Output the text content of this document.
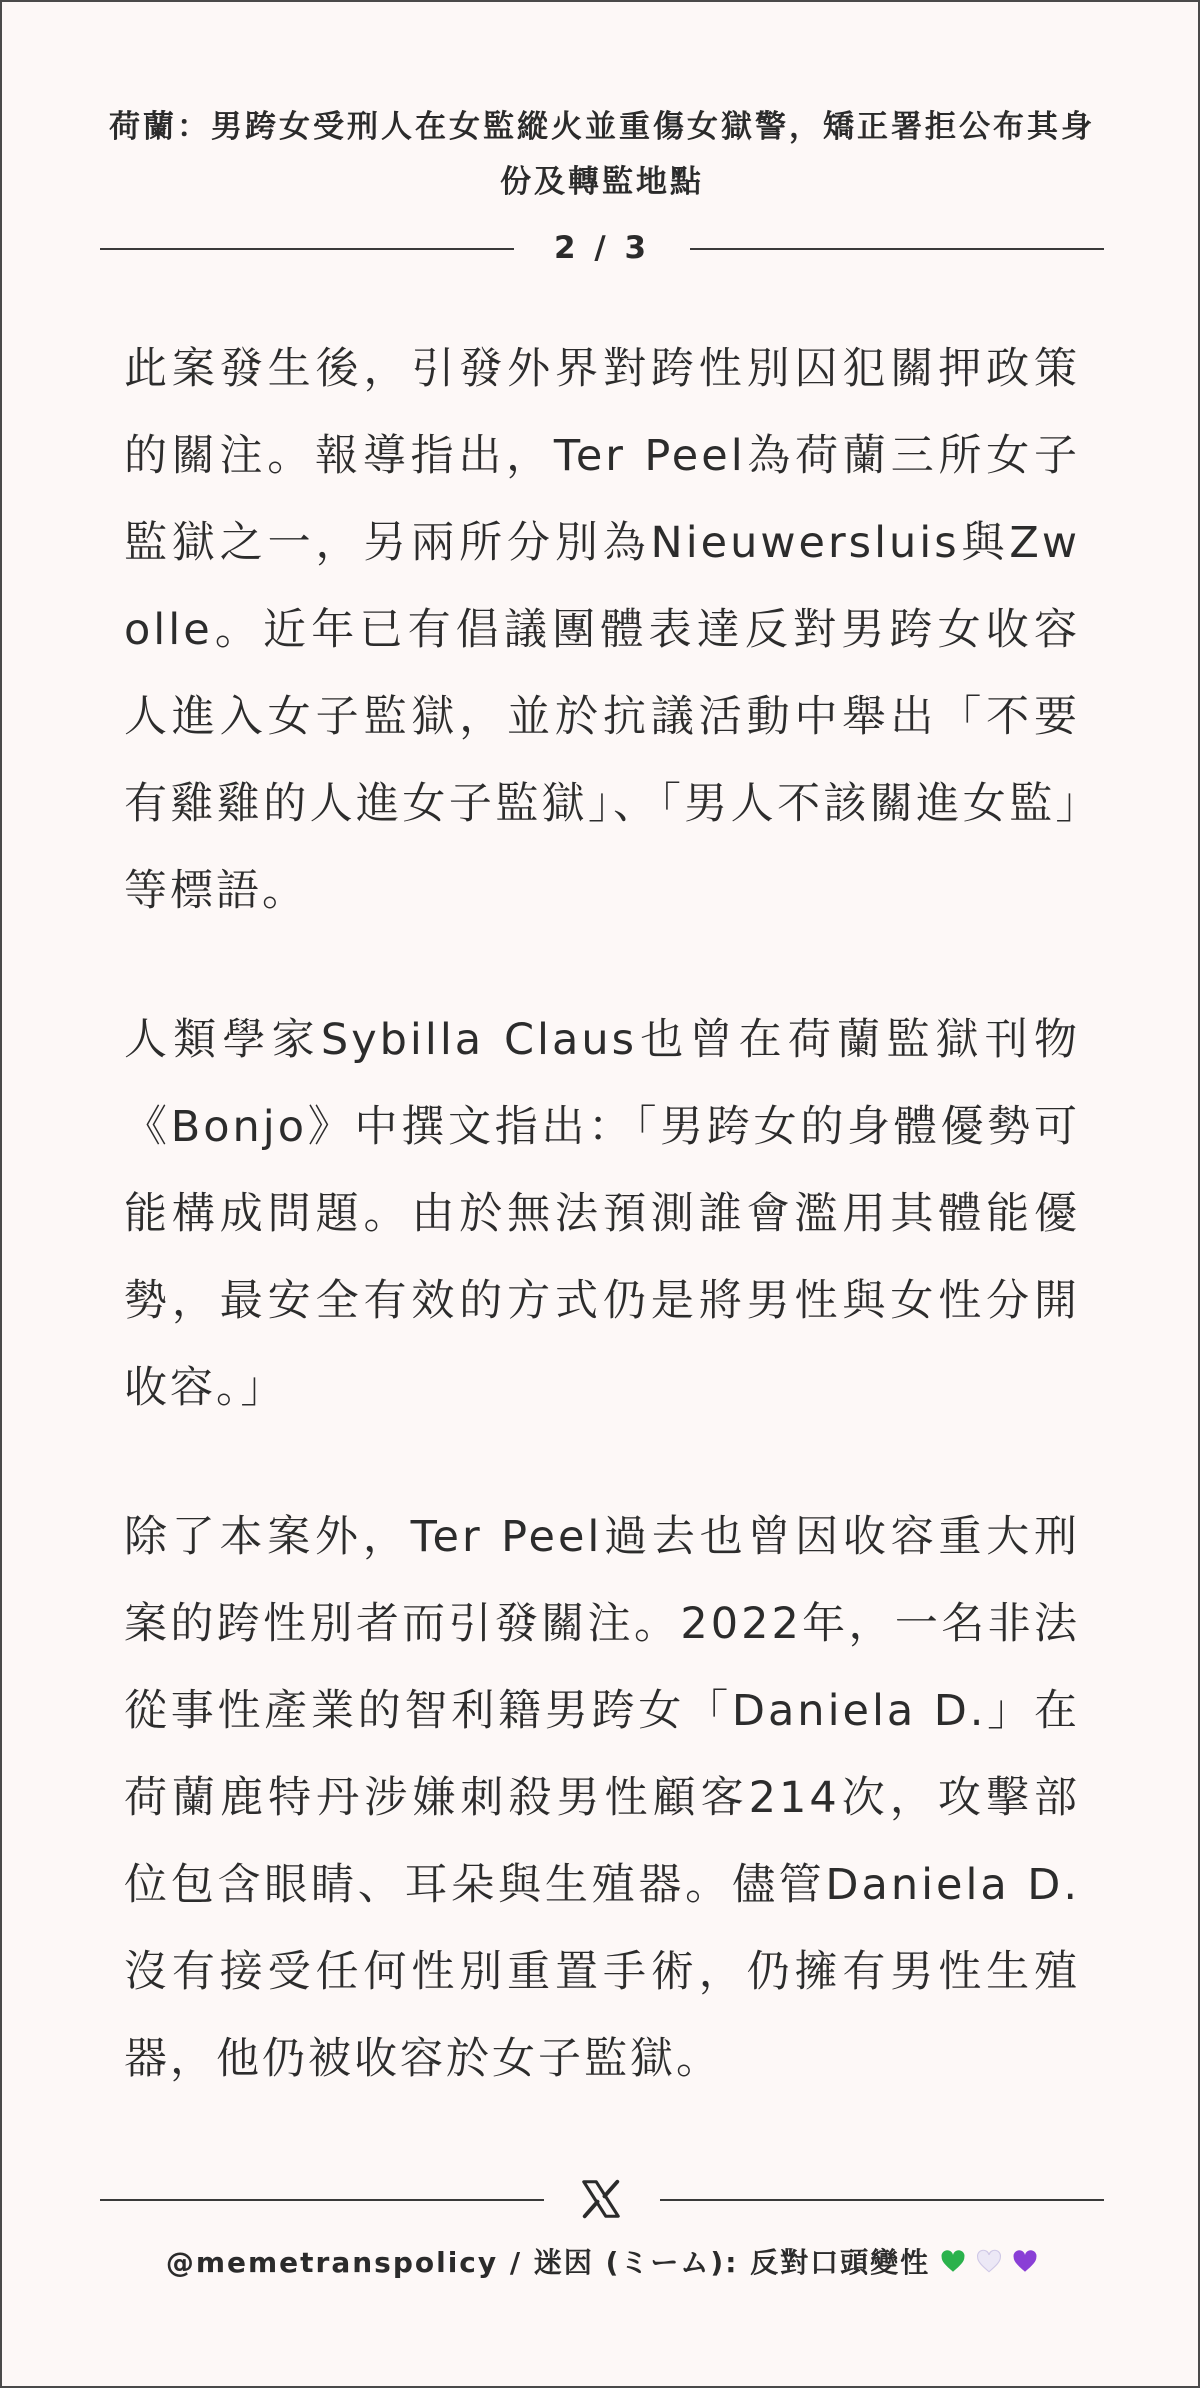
荷蘭：男跨女受刑人在女監縱火並重傷女獄警，矯正署拒公布其身份及轉監地點
2 / 3

此案發生後，引發外界對跨性別囚犯關押政策的關注。報導指出，Ter Peel為荷蘭三所女子監獄之一，另兩所分別為Nieuwersluis與Zwolle。近年已有倡議團體表達反對男跨女收容人進入女子監獄，並於抗議活動中舉出「不要有雞雞的人進女子監獄」、「男人不該關進女監」等標語。

人類學家Sybilla Claus也曾在荷蘭監獄刊物《Bonjo》中撰文指出：「男跨女的身體優勢可能構成問題。由於無法預測誰會濫用其體能優勢，最安全有效的方式仍是將男性與女性分開收容。」

除了本案外，Ter Peel過去也曾因收容重大刑案的跨性別者而引發關注。2022年，一名非法從事性產業的智利籍男跨女「Daniela D.」在荷蘭鹿特丹涉嫌刺殺男性顧客214次，攻擊部位包含眼睛、耳朵與生殖器。儘管Daniela D.沒有接受任何性別重置手術，仍擁有男性生殖器，他仍被收容於女子監獄。

@memetranspolicy / 迷因 (ミーム): 反對口頭變性
